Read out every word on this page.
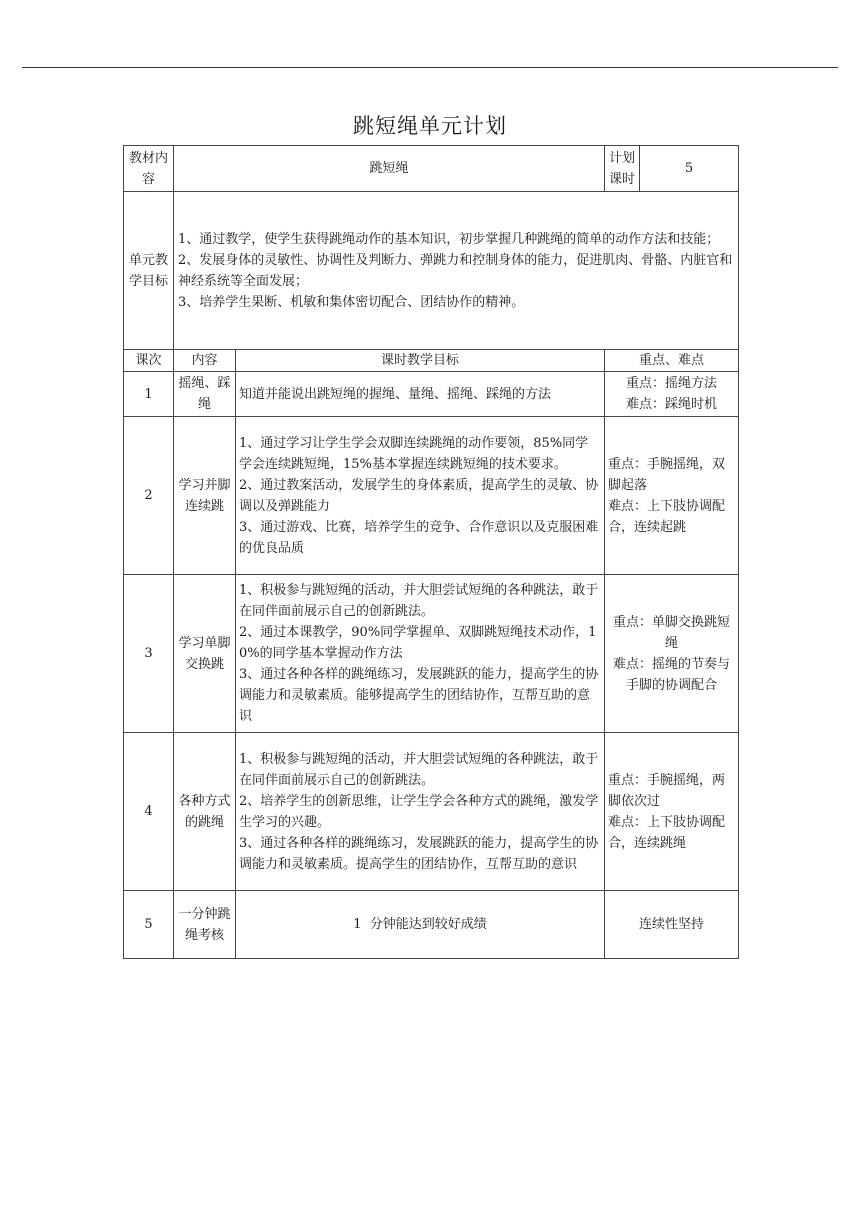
跳短绳单元计划
教材内容	跳短绳		计划课时	5
单元教学目标	1、通过教学，使学生获得跳绳动作的基本知识，初步掌握几种跳绳的简单的动作方法和技能；
2、发展身体的灵敏性、协调性及判断力、弹跳力和控制身体的能力，促进肌肉、骨骼、内脏官和神经系统等全面发展；
3、培养学生果断、机敏和集体密切配合、团结协作的精神。			

课次	内容	课时教学目标	重点、难点	
1	摇绳、踩绳	知道并能说出跳短绳的握绳、量绳、摇绳、踩绳的方法	重点：摇绳方法
难点：踩绳时机	

2	学习并脚连续跳	1、通过学习让学生学会双脚连续跳绳的动作要领，85%同学学会连续跳短绳，15%基本掌握连续跳短绳的技术要求。
2、通过教案活动，发展学生的身体素质，提高学生的灵敏、协调以及弹跳能力
3、通过游戏、比赛，培养学生的竞争、合作意识以及克服困难的优良品质	重点：手腕摇绳，双脚起落
难点：上下肢协调配合，连续起跳	

3	学习单脚交换跳	1、积极参与跳短绳的活动，并大胆尝试短绳的各种跳法，敢于在同伴面前展示自己的创新跳法。
2、通过本课教学，90%同学掌握单、双脚跳短绳技术动作，10%的同学基本掌握动作方法
3、通过各种各样的跳绳练习，发展跳跃的能力，提高学生的协调能力和灵敏素质。能够提高学生的团结协作，互帮互助的意识	重点：单脚交换跳短绳
难点：摇绳的节奏与手脚的协调配合	

4	各种方式的跳绳	1、积极参与跳短绳的活动，并大胆尝试短绳的各种跳法，敢于在同伴面前展示自己的创新跳法。
2、培养学生的创新思维，让学生学会各种方式的跳绳，激发学生学习的兴趣。
3、通过各种各样的跳绳练习，发展跳跃的能力，提高学生的协调能力和灵敏素质。提高学生的团结协作，互帮互助的意识	重点：手腕摇绳，两脚依次过
难点：上下肢协调配合，连续跳绳	

5	一分钟跳绳考核	1  分钟能达到较好成绩	连续性坚持	
